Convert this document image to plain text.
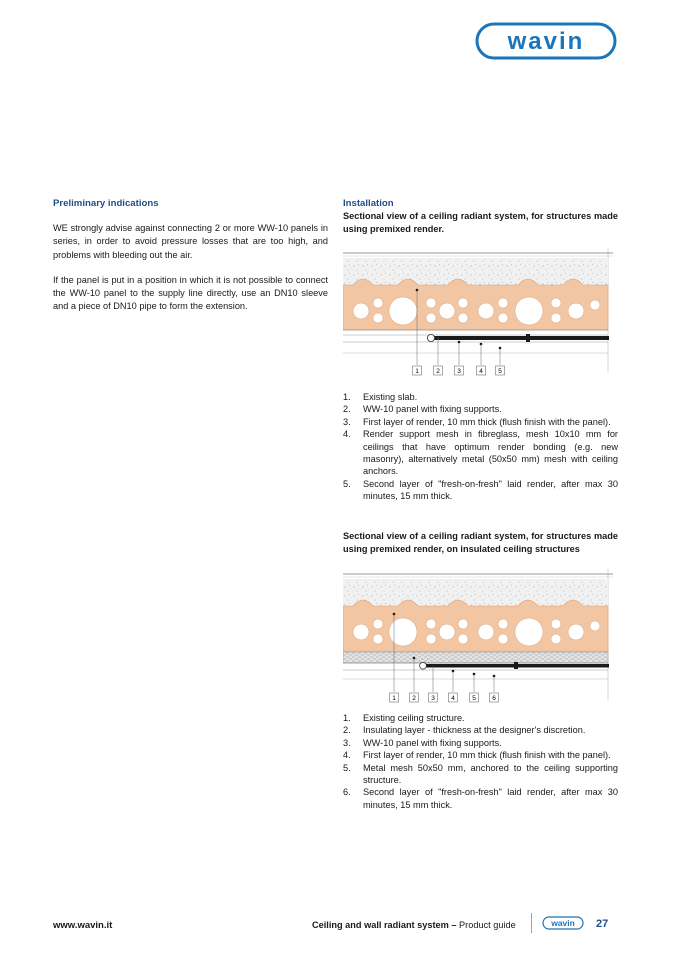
wavin
Preliminary indications

WE strongly advise against connecting 2 or more WW-10 panels in series, in order to avoid pressure losses that are too high, and problems with bleeding out the air.

If the panel is put in a position in which it is not possible to connect the WW-10 panel to the supply line directly, use an DN10 sleeve and a piece of DN10 pipe to form the extension.

Installation

Sectional view of a ceiling radiant system, for structures made using premixed render.

1	2	3	4 5
1. Existing slab.
2. WW-10 panel with fixing supports.
3. First layer of render, 10 mm thick (flush finish with the panel).
4. Render support mesh in fibreglass, mesh 10x10 mm for ceilings that have optimum render bonding (e.g. new masonry), alternatively metal (50x50 mm) mesh with ceiling anchors.
5. Second layer of "fresh-on-fresh" laid render, after max 30 minutes, 15 mm thick.

Sectional view of a ceiling radiant system, for structures made using premixed render, on insulated ceiling structures

1	2 3	4	5	6
1. Existing ceiling structure.
2. Insulating layer - thickness at the designer's discretion.
3. WW-10 panel with fixing supports.
4. First layer of render, 10 mm thick (flush finish with the panel).
5. Metal mesh 50x50 mm, anchored to the ceiling supporting structure.
6. Second layer of "fresh-on-fresh" laid render, after max 30 minutes, 15 mm thick.
www.wavin.it	Ceiling and wall radiant system – Product guide	wavin 27
